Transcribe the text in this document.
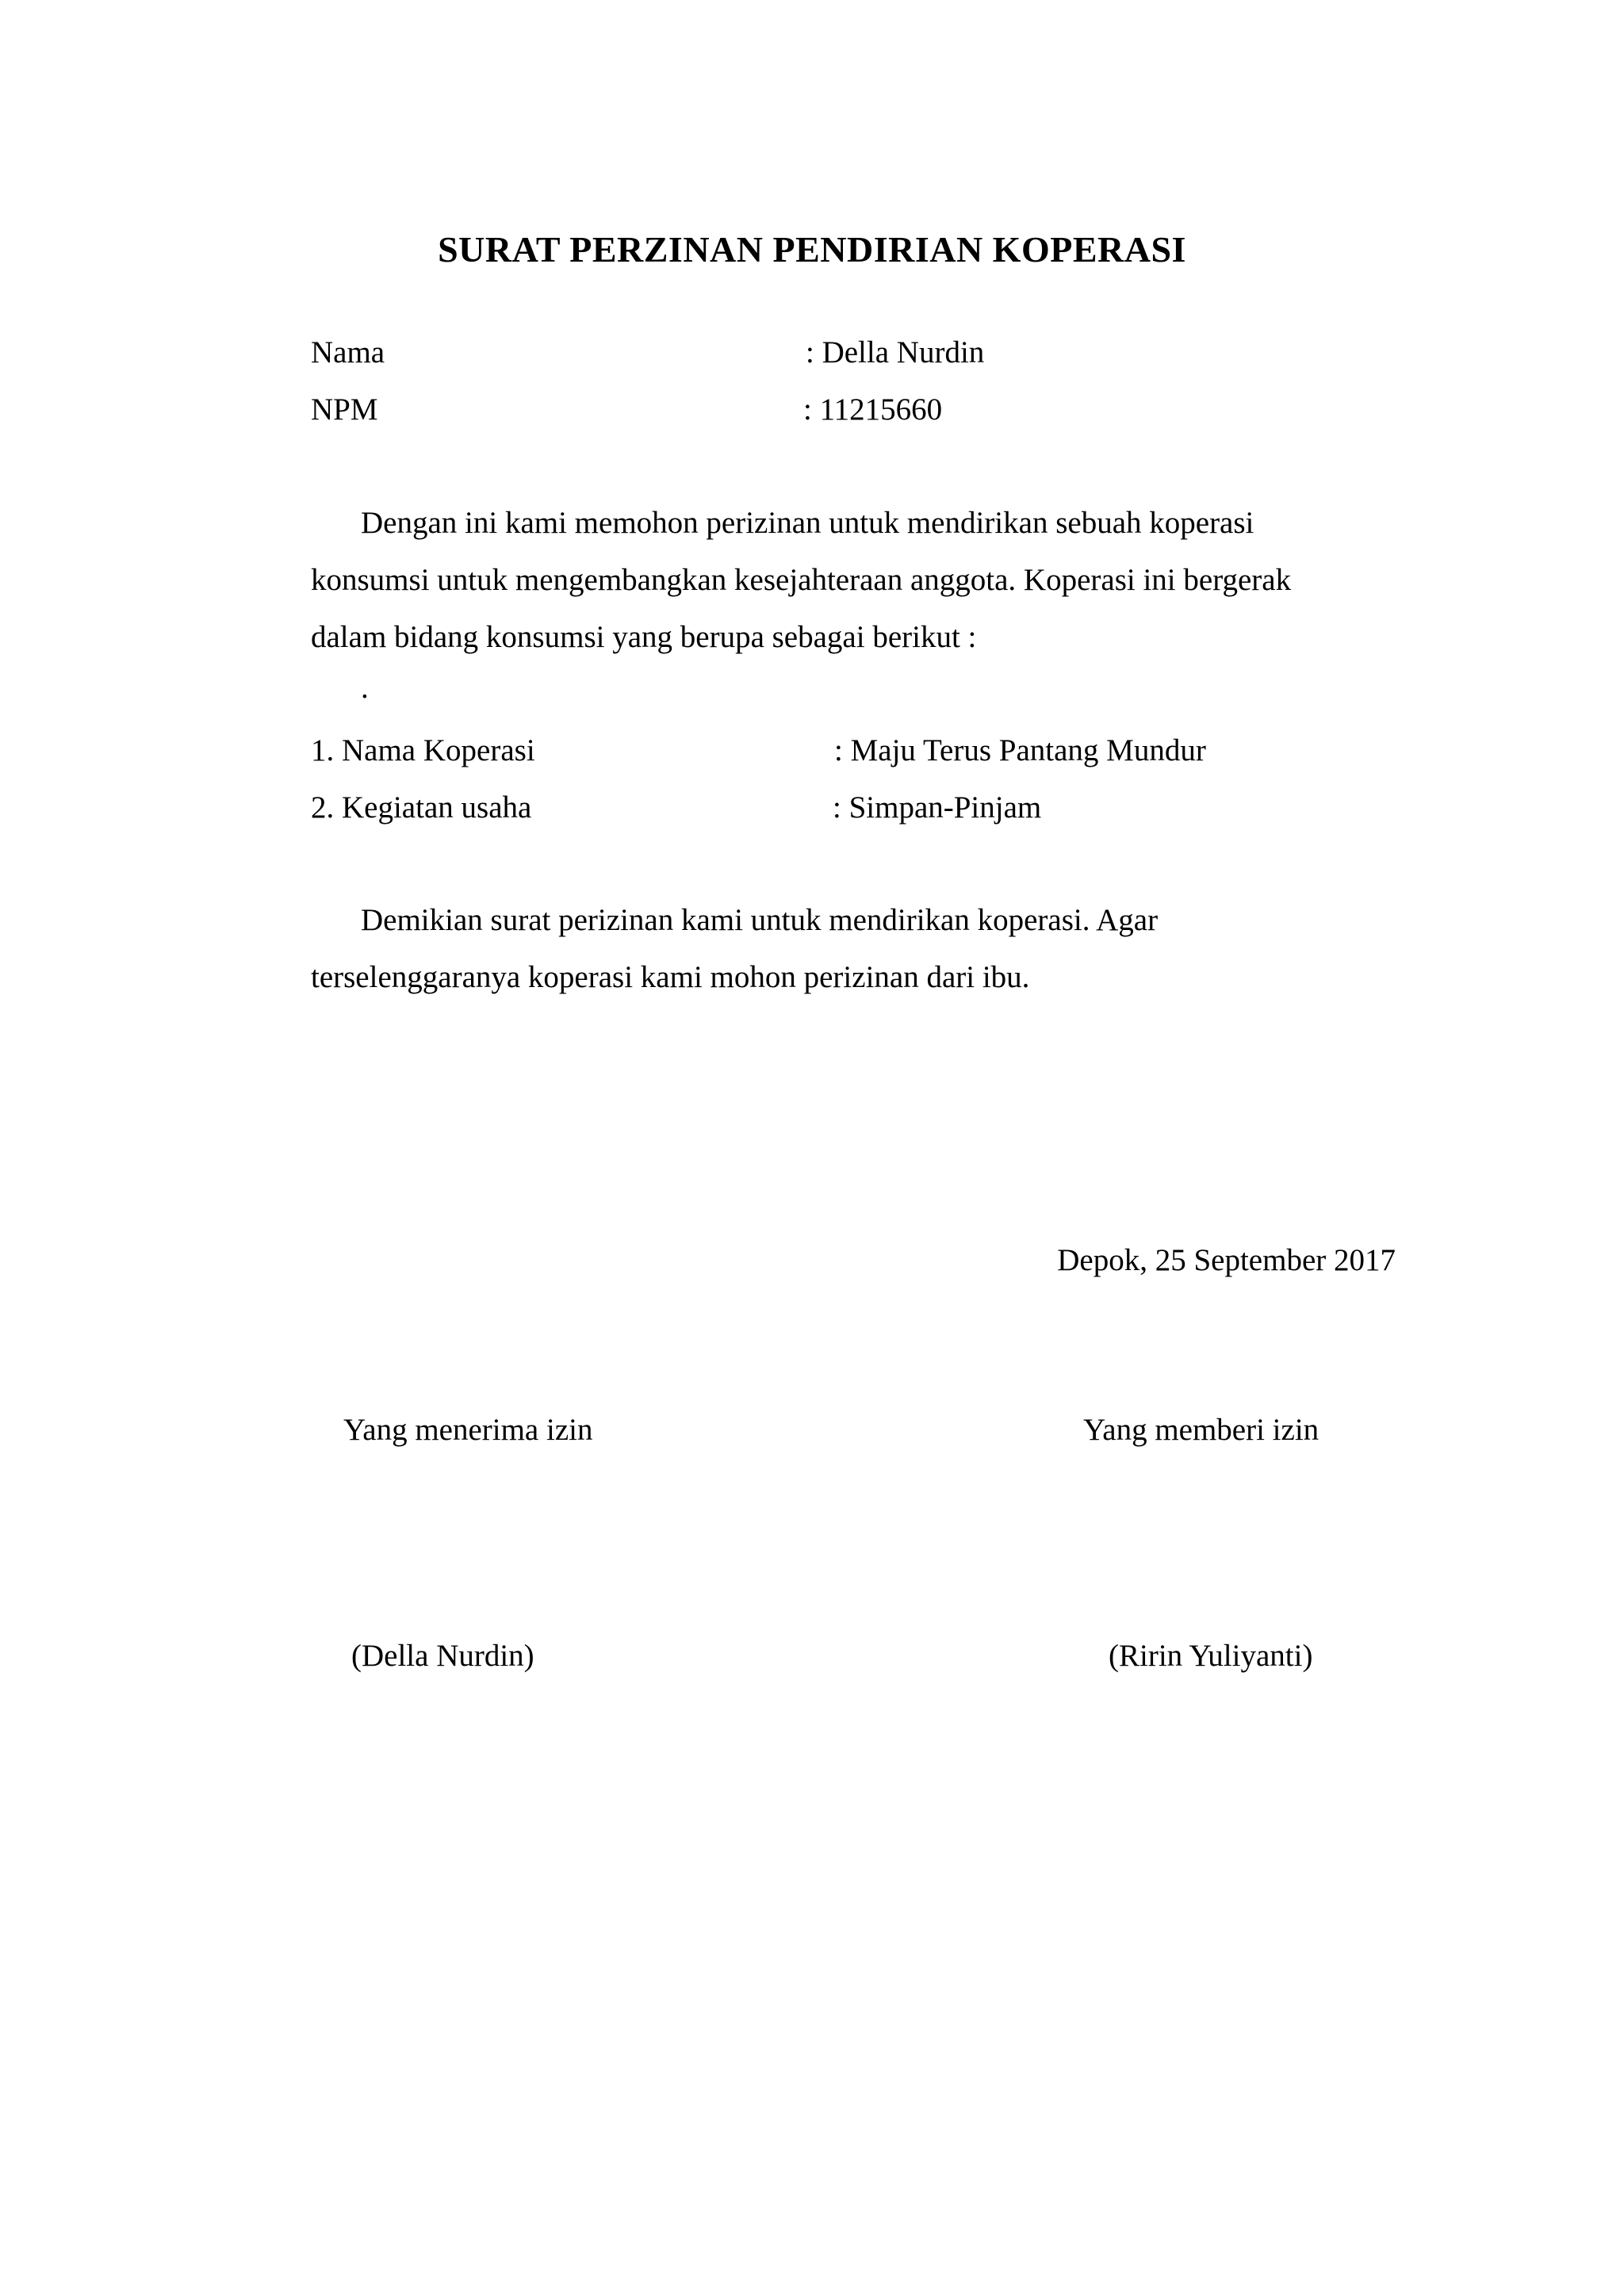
SURAT PERZINAN PENDIRIAN KOPERASI
Nama	: Della Nurdin
NPM	: 11215660
Dengan ini kami memohon perizinan untuk mendirikan sebuah koperasi
konsumsi untuk mengembangkan kesejahteraan anggota. Koperasi ini bergerak
dalam bidang konsumsi yang berupa sebagai berikut :
.
1. Nama Koperasi	: Maju Terus Pantang Mundur
2. Kegiatan usaha	: Simpan-Pinjam
Demikian surat perizinan kami untuk mendirikan koperasi. Agar
terselenggaranya koperasi kami mohon perizinan dari ibu.
Depok, 25 September 2017
Yang menerima izin	Yang memberi izin
(Della Nurdin)	(Ririn Yuliyanti)
